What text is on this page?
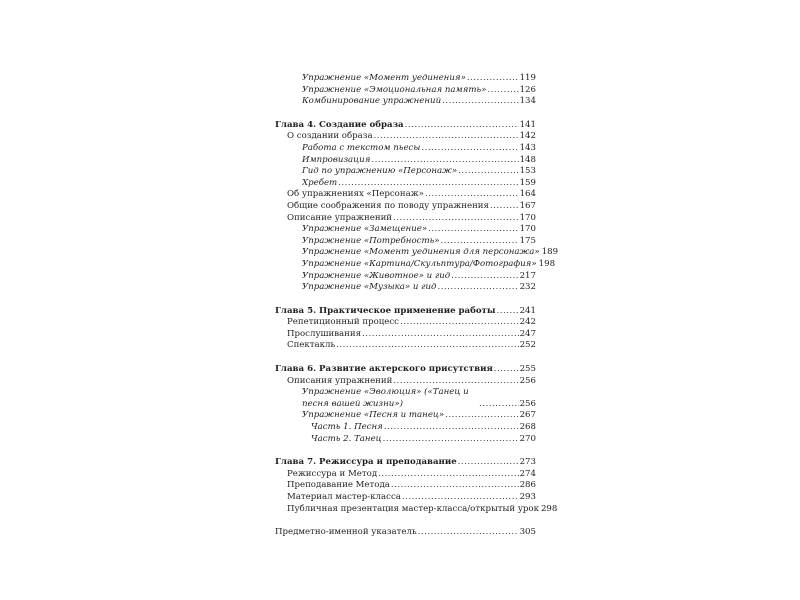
Упражнение «Момент уединения» .....	119
Упражнение «Эмоциональная память» .....	126
Комбинирование упражнений .....	134
Глава 4. Создание образа .....	141
О создании образа .....	142
Работа с текстом пьесы .....	143
Импровизация .....	148
Гид по упражнению «Персонаж» .....	153
Хребет .....	159
Об упражнениях «Персонаж» .....	164
Общие соображения по поводу упражнения .....	167
Описание упражнений .....	170
Упражнение «Замещение» .....	170
Упражнение «Потребность» .....	175
Упражнение «Момент уединения для персонажа» 189
Упражнение «Картина/Скульптура/Фотография» 198
Упражнение «Животное» и гид .....	217
Упражнение «Музыка» и гид .....	232
Глава 5. Практическое применение работы .....	241
Репетиционный процесс .....	242
Прослушивания .....	247
Спектакль .....	252
Глава 6. Развитие актерского присутствия .....	255
Описания упражнений .....	256
Упражнение «Эволюция» («Танец и песня вашей жизни») .....	256
Упражнение «Песня и танец» .....	267
Часть 1. Песня .....	268
Часть 2. Танец .....	270
Глава 7. Режиссура и преподавание .....	273
Режиссура и Метод .....	274
Преподавание Метода .....	286
Материал мастер-класса .....	293
Публичная презентация мастер-класса/открытый урок 298
Предметно-именной указатель .....	305
